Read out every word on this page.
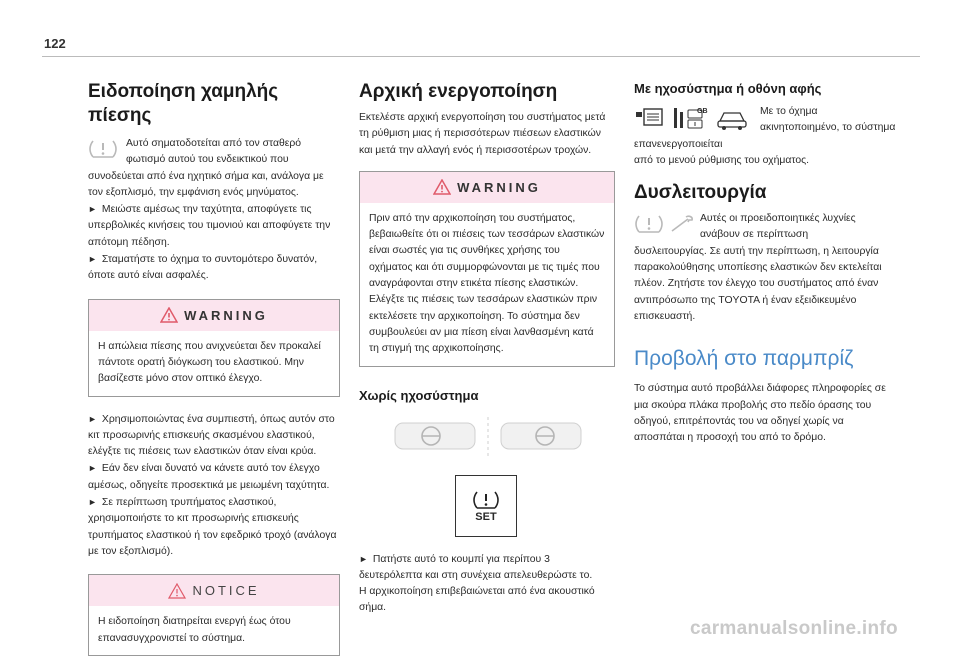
122
Ειδοποίηση χαμηλής πίεσης

Αυτό σηματοδοτείται από τον σταθερό φωτισμό αυτού του ενδεικτικού που

συνοδεύεται από ένα ηχητικό σήμα και, ανάλογα με τον εξοπλισμό, την εμφάνιση ενός μηνύματος.

► Μειώστε αμέσως την ταχύτητα, αποφύγετε τις υπερβολικές κινήσεις του τιμονιού και αποφύγετε την απότομη πέδηση.

► Σταματήστε το όχημα το συντομότερο δυνατόν, όποτε αυτό είναι ασφαλές.

WARNING

Η απώλεια πίεσης που ανιχνεύεται δεν προκαλεί πάντοτε ορατή διόγκωση του ελαστικού. Μην βασίζεστε μόνο στον οπτικό έλεγχο.

► Χρησιμοποιώντας ένα συμπιεστή, όπως αυτόν στο κιτ προσωρινής επισκευής σκασμένου ελαστικού, ελέγξτε τις πιέσεις των ελαστικών όταν είναι κρύα.

► Εάν δεν είναι δυνατό να κάνετε αυτό τον έλεγχο αμέσως, οδηγείτε προσεκτικά με μειωμένη ταχύτητα.

► Σε περίπτωση τρυπήματος ελαστικού, χρησιμοποιήστε το κιτ προσωρινής επισκευής τρυπήματος ελαστικού ή τον εφεδρικό τροχό (ανάλογα με τον εξοπλισμό).

NOTICE

Η ειδοποίηση διατηρείται ενεργή έως ότου επανασυγχρονιστεί το σύστημα.

Αρχική ενεργοποίηση

Εκτελέστε αρχική ενεργοποίηση του συστήματος μετά τη ρύθμιση μιας ή περισσότερων πιέσεων ελαστικών και μετά την αλλαγή ενός ή περισσοτέρων τροχών.

WARNING

Πριν από την αρχικοποίηση του συστήματος, βεβαιωθείτε ότι οι πιέσεις των τεσσάρων ελαστικών είναι σωστές για τις συνθήκες χρήσης του οχήματος και ότι συμμορφώνονται με τις τιμές που αναγράφονται στην ετικέτα πίεσης ελαστικών. Ελέγξτε τις πιέσεις των τεσσάρων ελαστικών πριν εκτελέσετε την αρχικοποίηση. Το σύστημα δεν συμβουλεύει αν μια πίεση είναι λανθασμένη κατά τη στιγμή της αρχικοποίησης.

Χωρίς ηχοσύστημα
SET

► Πατήστε αυτό το κουμπί για περίπου 3 δευτερόλεπτα και στη συνέχεια απελευθερώστε το.

Η αρχικοποίηση επιβεβαιώνεται από ένα ακουστικό σήμα.

Με ηχοσύστημα ή οθόνη αφής
GB	Με το όχημα ακινητοποιημένο, το σύστημα επανενεργοποιείται

από το μενού ρύθμισης του οχήματος.

Δυσλειτουργία

Αυτές οι προειδοποιητικές λυχνίες ανάβουν σε περίπτωση

δυσλειτουργίας. Σε αυτή την περίπτωση, η λειτουργία παρακολούθησης υποπίεσης ελαστικών δεν εκτελείται πλέον. Ζητήστε τον έλεγχο του συστήματος από έναν αντιπρόσωπο της TOYOTA ή έναν εξειδικευμένο επισκευαστή.

Προβολή στο παρμπρίζ

Το σύστημα αυτό προβάλλει διάφορες πληροφορίες σε μια σκούρα πλάκα προβολής στο πεδίο όρασης του οδηγού, επιτρέποντάς του να οδηγεί χωρίς να αποσπάται η προσοχή του από το δρόμο.

carmanualsonline.info
